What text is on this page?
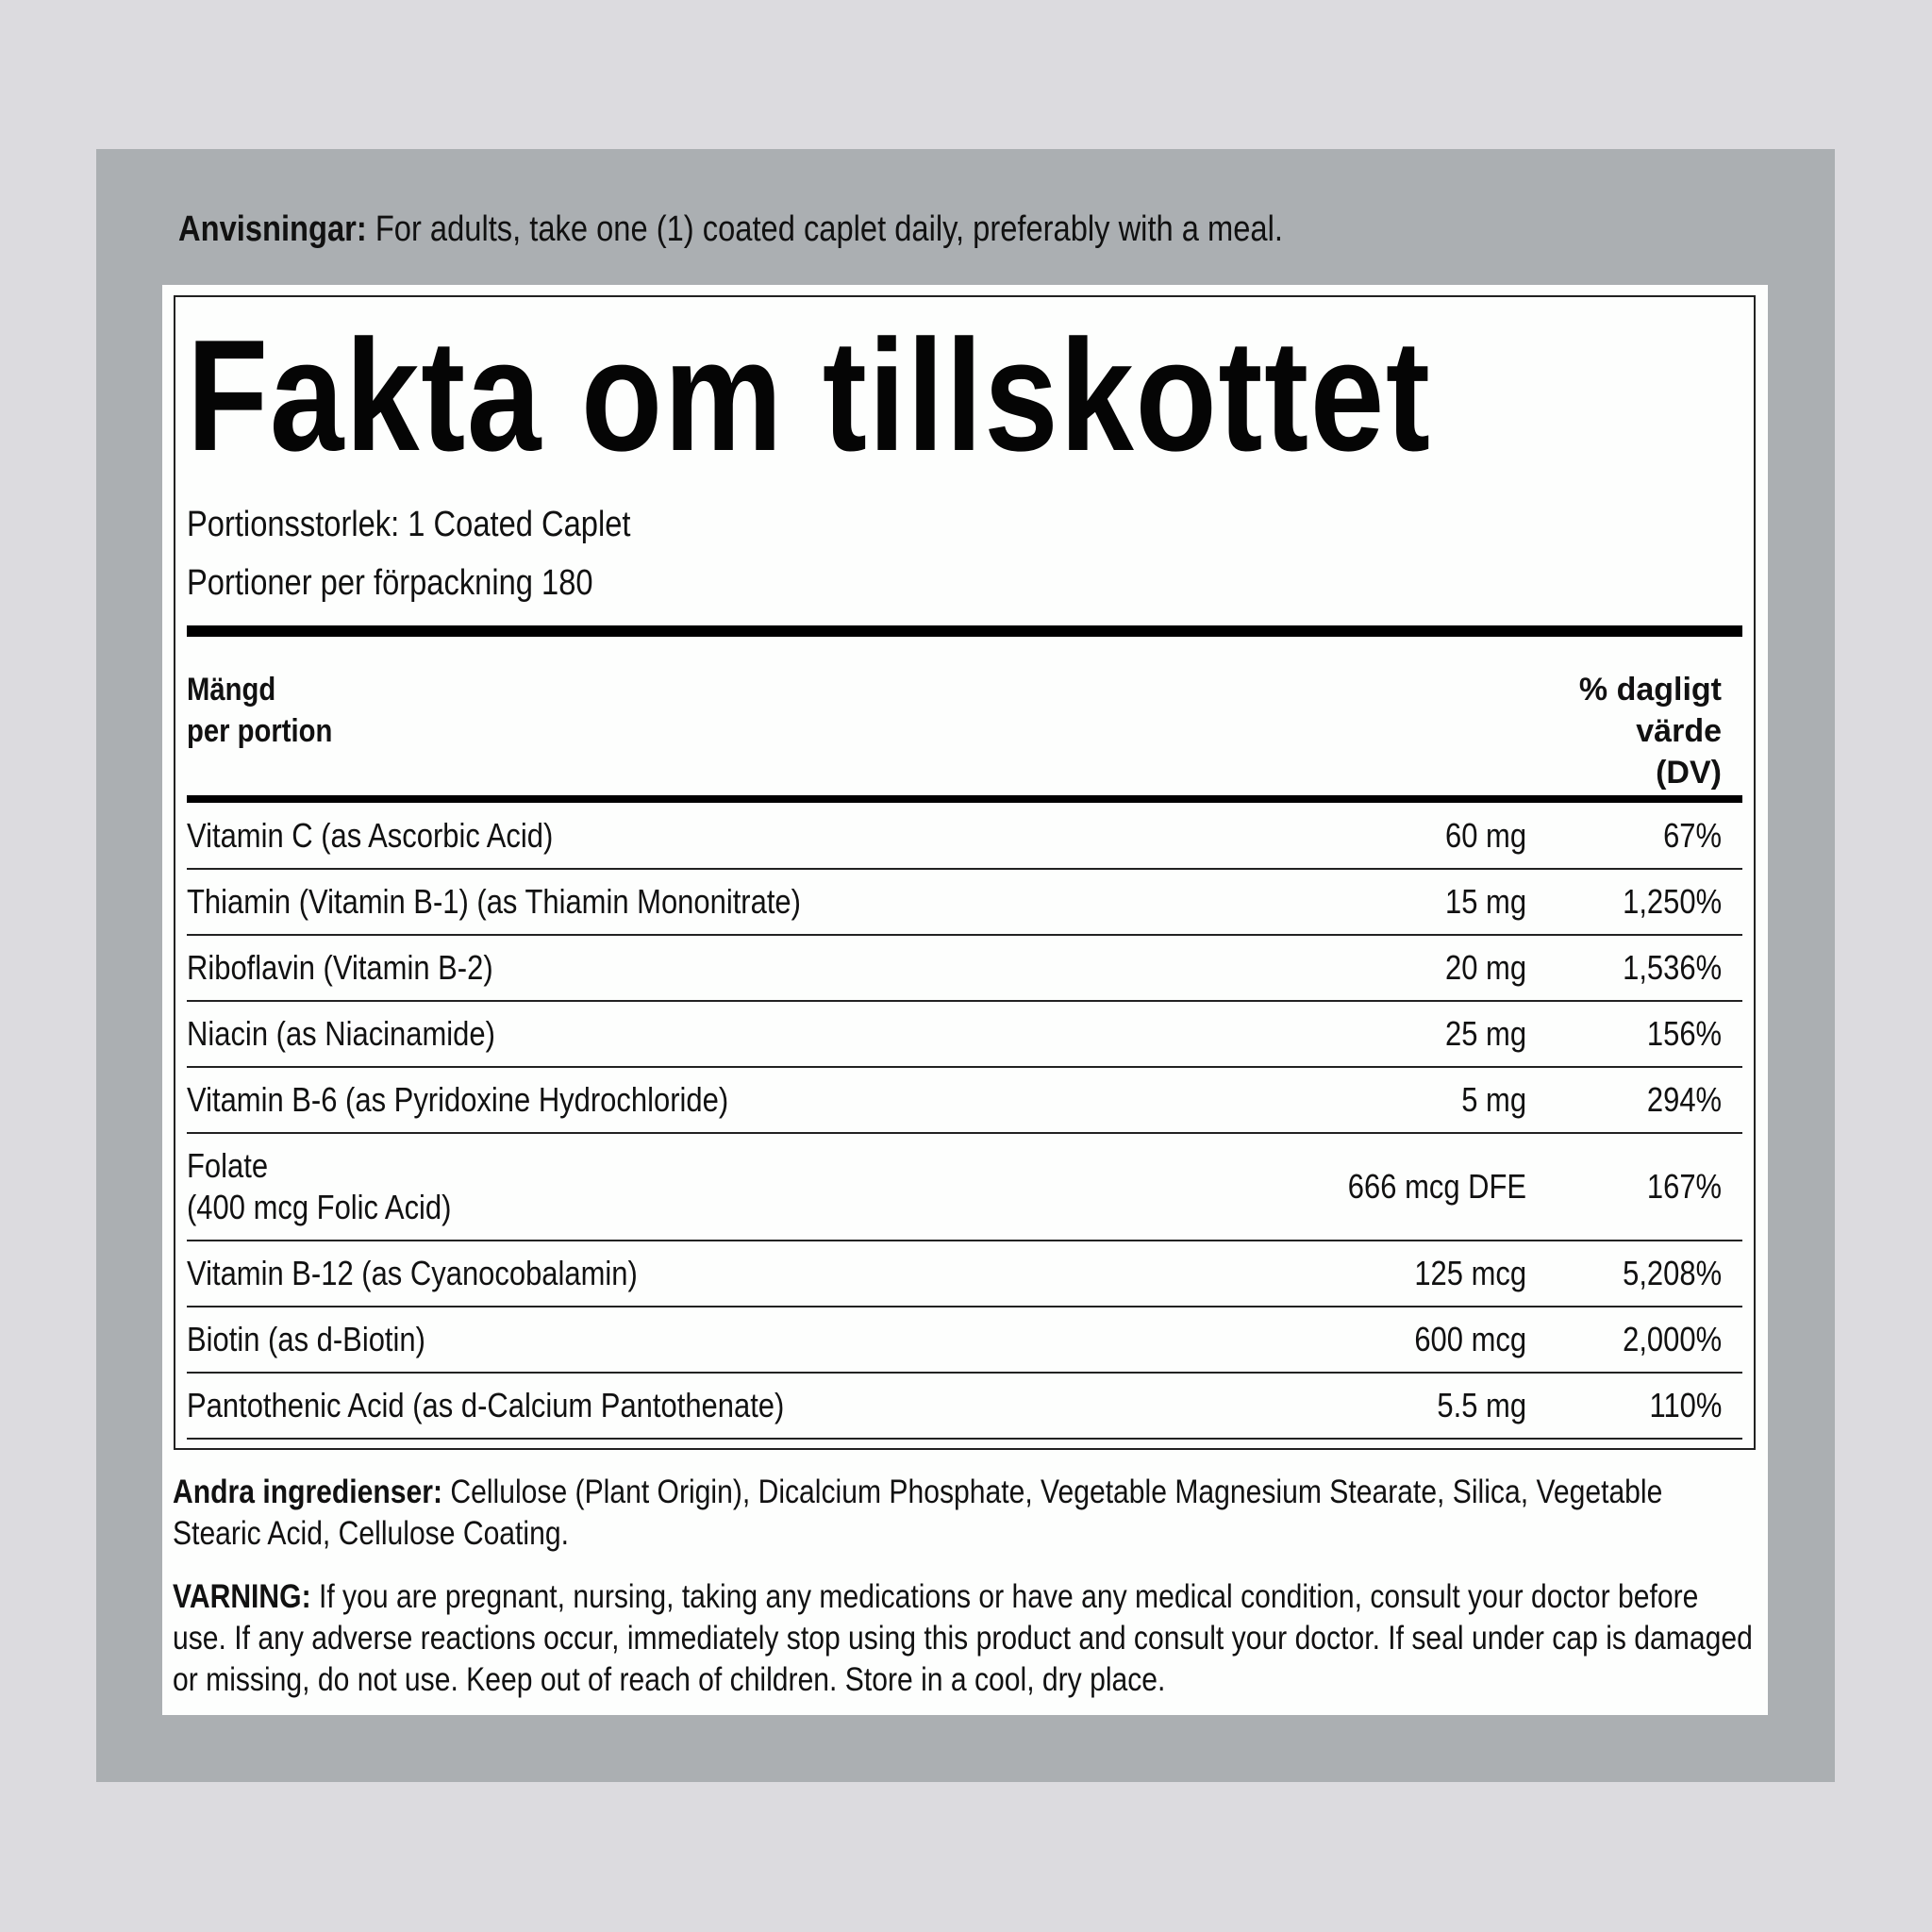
Anvisningar: For adults, take one (1) coated caplet daily, preferably with a meal.
Fakta om tillskottet
Portionsstorlek: 1 Coated Caplet
Portioner per förpackning 180
Mängd
per portion
% dagligt
värde
(DV)
Vitamin C (as Ascorbic Acid)	60 mg	67%
Thiamin (Vitamin B-1) (as Thiamin Mononitrate)	15 mg	1,250%
Riboflavin (Vitamin B-2)	20 mg	1,536%
Niacin (as Niacinamide)	25 mg	156%
Vitamin B-6 (as Pyridoxine Hydrochloride)	5 mg	294%
Folate
(400 mcg Folic Acid)
666 mcg DFE	167%
Vitamin B-12 (as Cyanocobalamin)	125 mcg	5,208%
Biotin (as d-Biotin)	600 mcg	2,000%
Pantothenic Acid (as d-Calcium Pantothenate)	5.5 mg	110%
Andra ingredienser: Cellulose (Plant Origin), Dicalcium Phosphate, Vegetable Magnesium Stearate, Silica, Vegetable Stearic Acid, Cellulose Coating.
VARNING: If you are pregnant, nursing, taking any medications or have any medical condition, consult your doctor before use. If any adverse reactions occur, immediately stop using this product and consult your doctor. If seal under cap is damaged or missing, do not use. Keep out of reach of children. Store in a cool, dry place.
